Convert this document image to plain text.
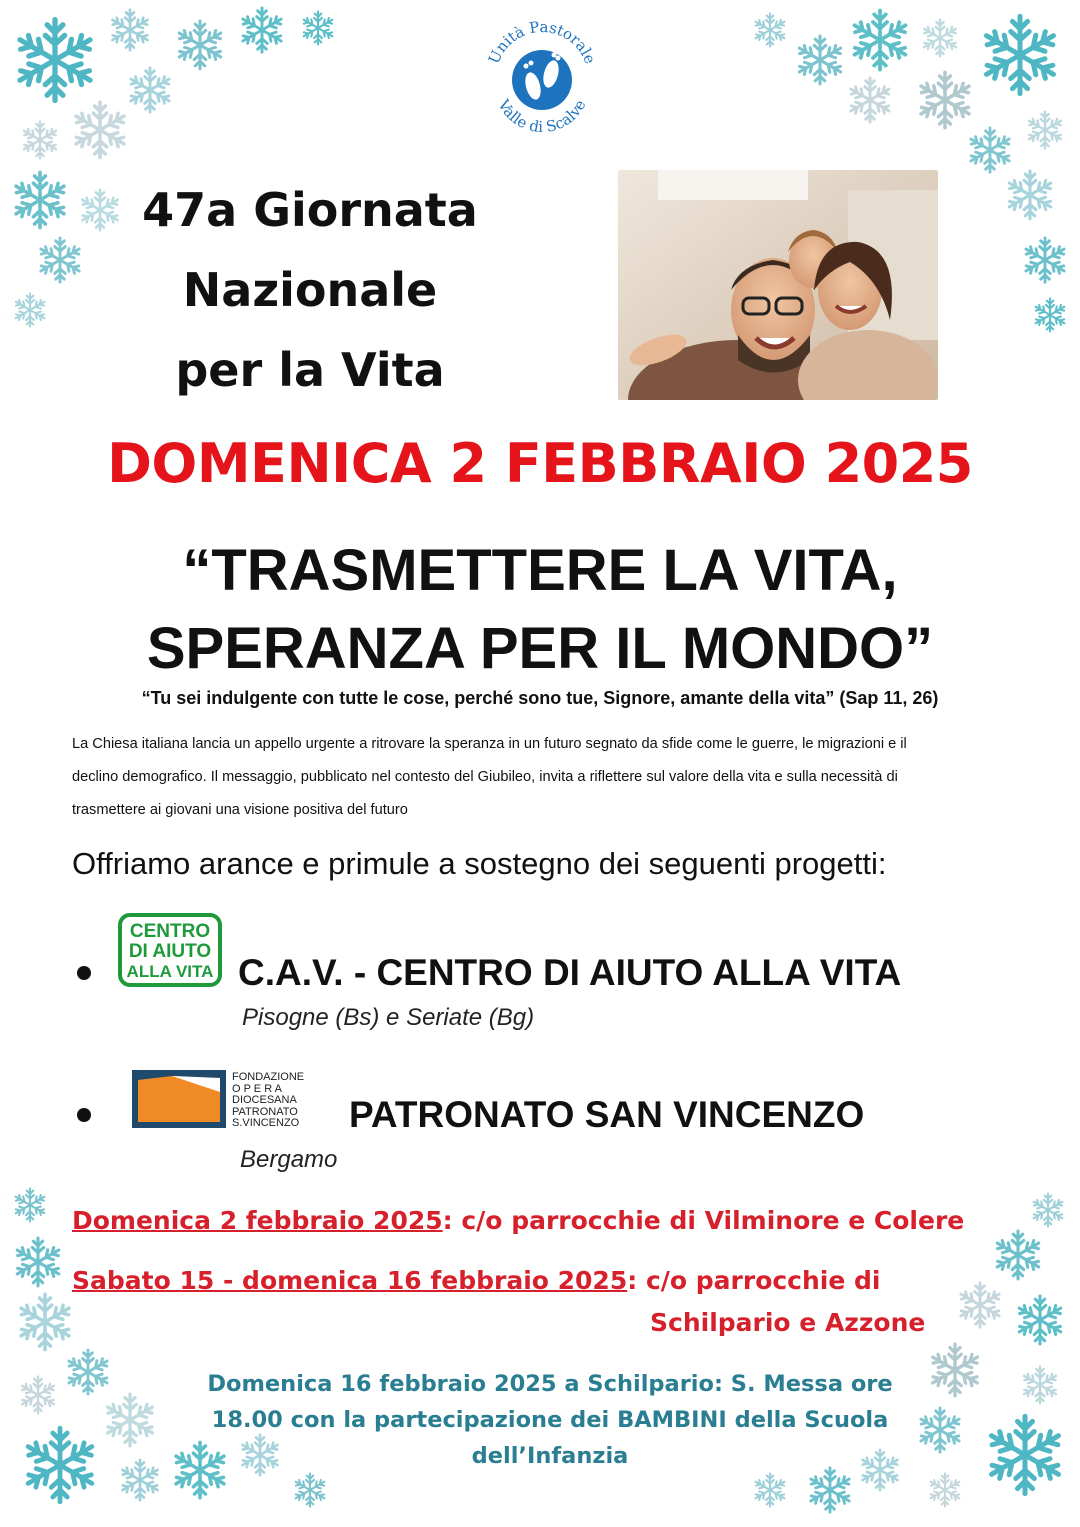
Unità Pastorale
Valle di Scalve
47a Giornata
Nazionale
per la Vita
DOMENICA 2 FEBBRAIO 2025
“TRASMETTERE LA VITA,
SPERANZA PER IL MONDO”
“Tu sei indulgente con tutte le cose, perché sono tue, Signore, amante della vita” (Sap 11, 26)
La Chiesa italiana lancia un appello urgente a ritrovare la speranza in un futuro segnato da sfide come le guerre, le migrazioni e il
declino demografico. Il messaggio, pubblicato nel contesto del Giubileo, invita a riflettere sul valore della vita e sulla necessità di
trasmettere ai giovani una visione positiva del futuro
Offriamo arance e primule a sostegno dei seguenti progetti:
CENTRO
DI AIUTO
ALLA VITA C.A.V. - CENTRO DI AIUTO ALLA VITA
Pisogne (Bs) e Seriate (Bg)
FONDAZIONE
O P E R A
DIOCESANA
PATRONATO
S.VINCENZO	PATRONATO SAN VINCENZO
Bergamo
Domenica 2 febbraio 2025: c/o parrocchie di Vilminore e Colere
Sabato 15 - domenica 16 febbraio 2025: c/o parrocchie di
Schilpario e Azzone
Domenica 16 febbraio 2025 a Schilpario: S. Messa ore
18.00 con la partecipazione dei BAMBINI della Scuola
dell’Infanzia
